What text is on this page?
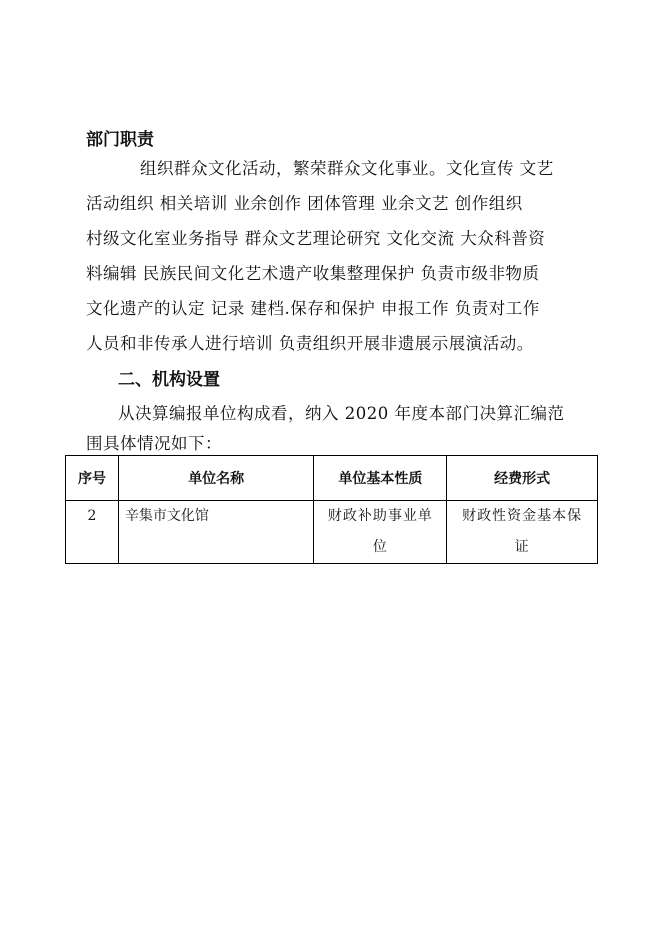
部门职责
组织群众文化活动，繁荣群众文化事业。文化宣传 文艺
活动组织 相关培训 业余创作 团体管理 业余文艺 创作组织
村级文化室业务指导 群众文艺理论研究 文化交流 大众科普资
料编辑 民族民间文化艺术遗产收集整理保护 负责市级非物质
文化遗产的认定 记录 建档.保存和保护 申报工作 负责对工作
人员和非传承人进行培训 负责组织开展非遗展示展演活动。
二、机构设置
从决算编报单位构成看，纳入 2020 年度本部门决算汇编范
围具体情况如下：
序号	单位名称	单位基本性质	经费形式
2	辛集市文化馆	财政补助事业单位	财政性资金基本保证
